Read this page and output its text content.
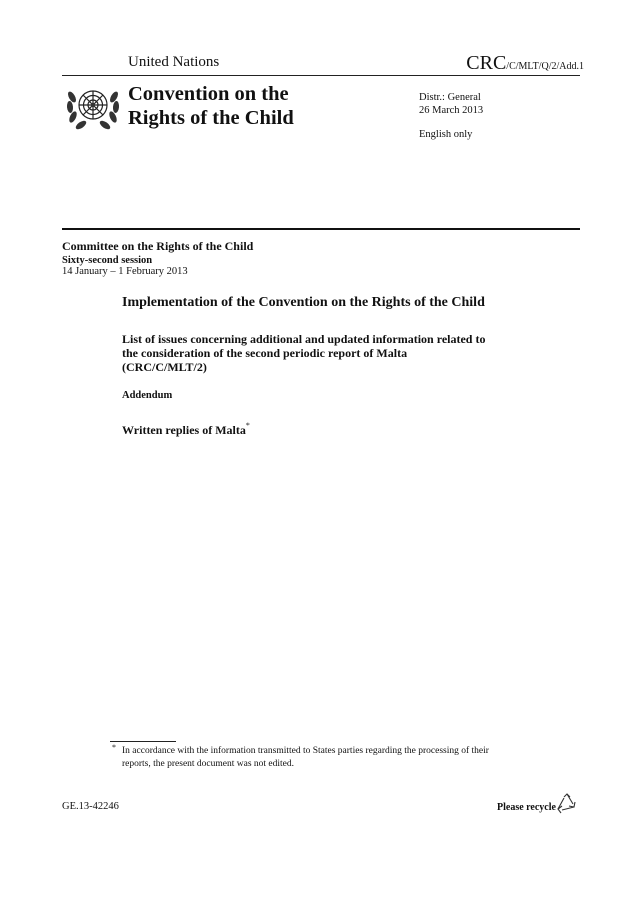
United Nations	CRC/C/MLT/Q/2/Add.1
Convention on the
Rights of the Child
Distr.: General
26 March 2013
English only
Committee on the Rights of the Child
Sixty-second session
14 January – 1 February 2013
Implementation of the Convention on the Rights of the Child
List of issues concerning additional and updated information related to
the consideration of the second periodic report of Malta
(CRC/C/MLT/2)
Addendum
Written replies of Malta*
* In accordance with the information transmitted to States parties regarding the processing of their
reports, the present document was not edited.
GE.13-42246	Please recycle
